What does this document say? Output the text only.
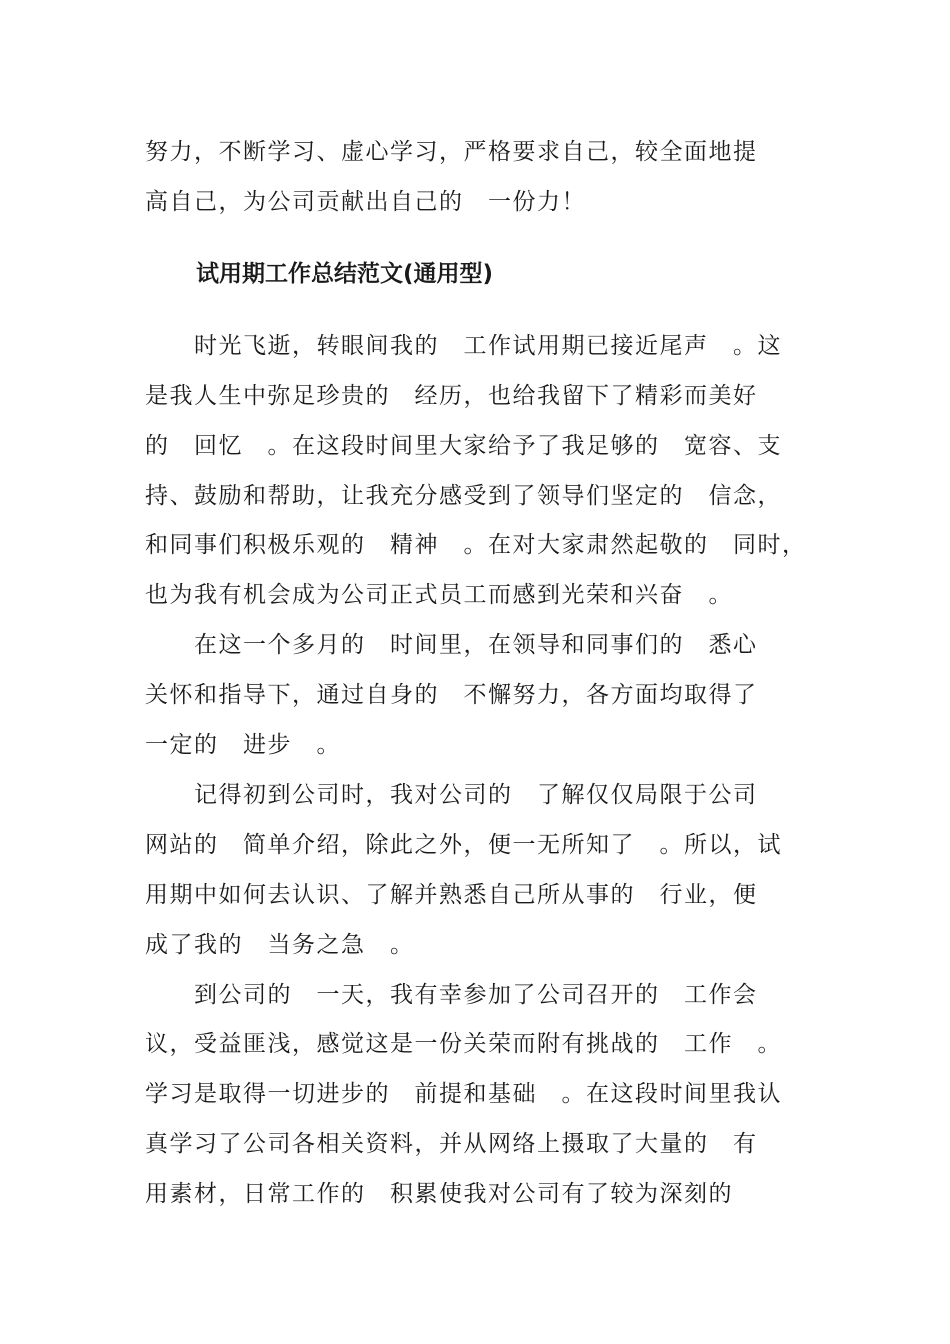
努力，不断学习、虚心学习，严格要求自己，较全面地提
高自己，为公司贡献出自己的　一份力！
试用期工作总结范文(通用型)
　　时光飞逝，转眼间我的　工作试用期已接近尾声　。这
是我人生中弥足珍贵的　经历，也给我留下了精彩而美好
的　回忆　。在这段时间里大家给予了我足够的　宽容、支
持、鼓励和帮助，让我充分感受到了领导们坚定的　信念，
和同事们积极乐观的　精神　。在对大家肃然起敬的　同时，
也为我有机会成为公司正式员工而感到光荣和兴奋　。
　　在这一个多月的　时间里，在领导和同事们的　悉心
关怀和指导下，通过自身的　不懈努力，各方面均取得了
一定的　进步　。
　　记得初到公司时，我对公司的　了解仅仅局限于公司
网站的　简单介绍，除此之外，便一无所知了　。所以，试
用期中如何去认识、了解并熟悉自己所从事的　行业，便
成了我的　当务之急　。
　　到公司的　一天，我有幸参加了公司召开的　工作会
议，受益匪浅，感觉这是一份关荣而附有挑战的　工作　。
学习是取得一切进步的　前提和基础　。在这段时间里我认
真学习了公司各相关资料，并从网络上摄取了大量的　有
用素材，日常工作的　积累使我对公司有了较为深刻的
